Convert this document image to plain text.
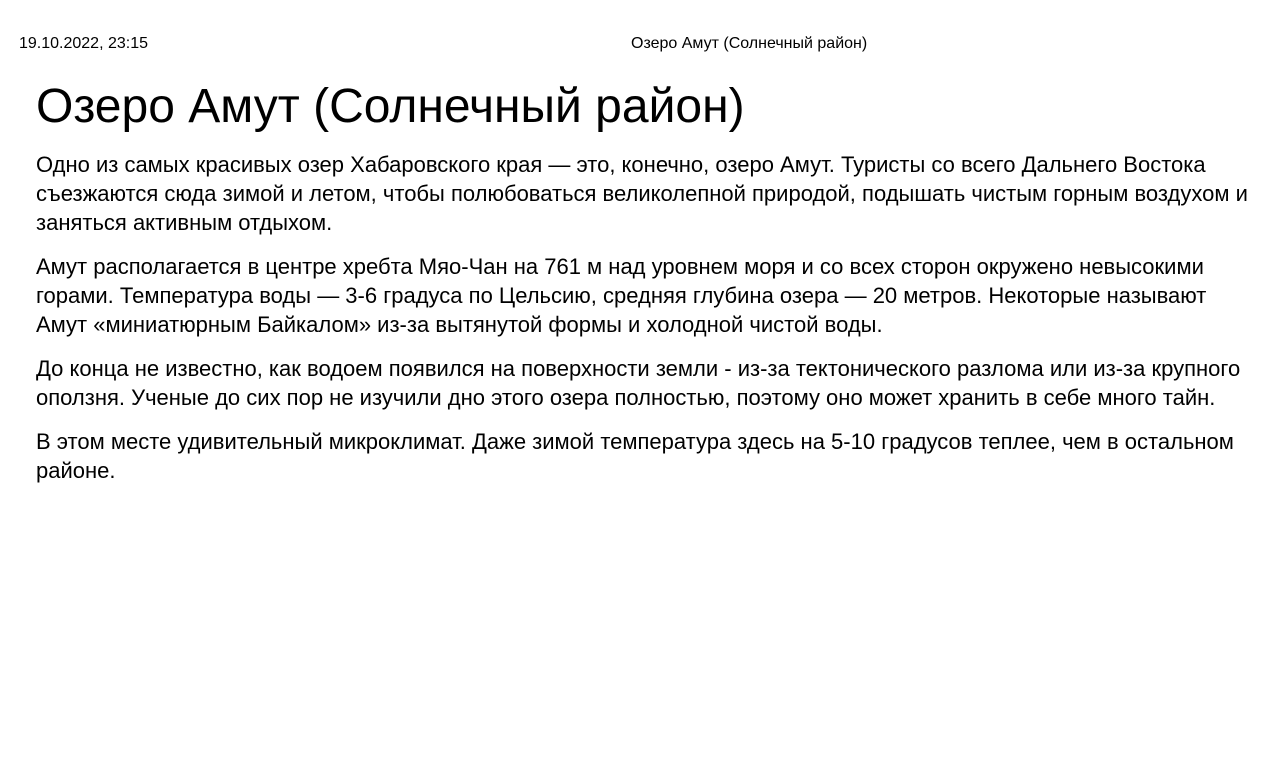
19.10.2022, 23:15	Озеро Амут (Солнечный район)
Озеро Амут (Солнечный район)

Одно из самых красивых озер Хабаровского края — это, конечно, озеро Амут. Туристы со всего Дальнего Востока съезжаются сюда зимой и летом, чтобы полюбоваться великолепной природой, подышать чистым горным воздухом и заняться активным отдыхом.

Амут располагается в центре хребта Мяо-Чан на 761 м над уровнем моря и со всех сторон окружено невысокими горами. Температура воды — 3-6 градуса по Цельсию, средняя глубина озера — 20 метров. Некоторые называют Амут «миниатюрным Байкалом» из-за вытянутой формы и холодной чистой воды.

До конца не известно, как водоем появился на поверхности земли - из-за тектонического разлома или из-за крупного оползня. Ученые до сих пор не изучили дно этого озера полностью, поэтому оно может хранить в себе много тайн.

В этом месте удивительный микроклимат. Даже зимой температура здесь на 5-10 градусов теплее, чем в остальном районе.
